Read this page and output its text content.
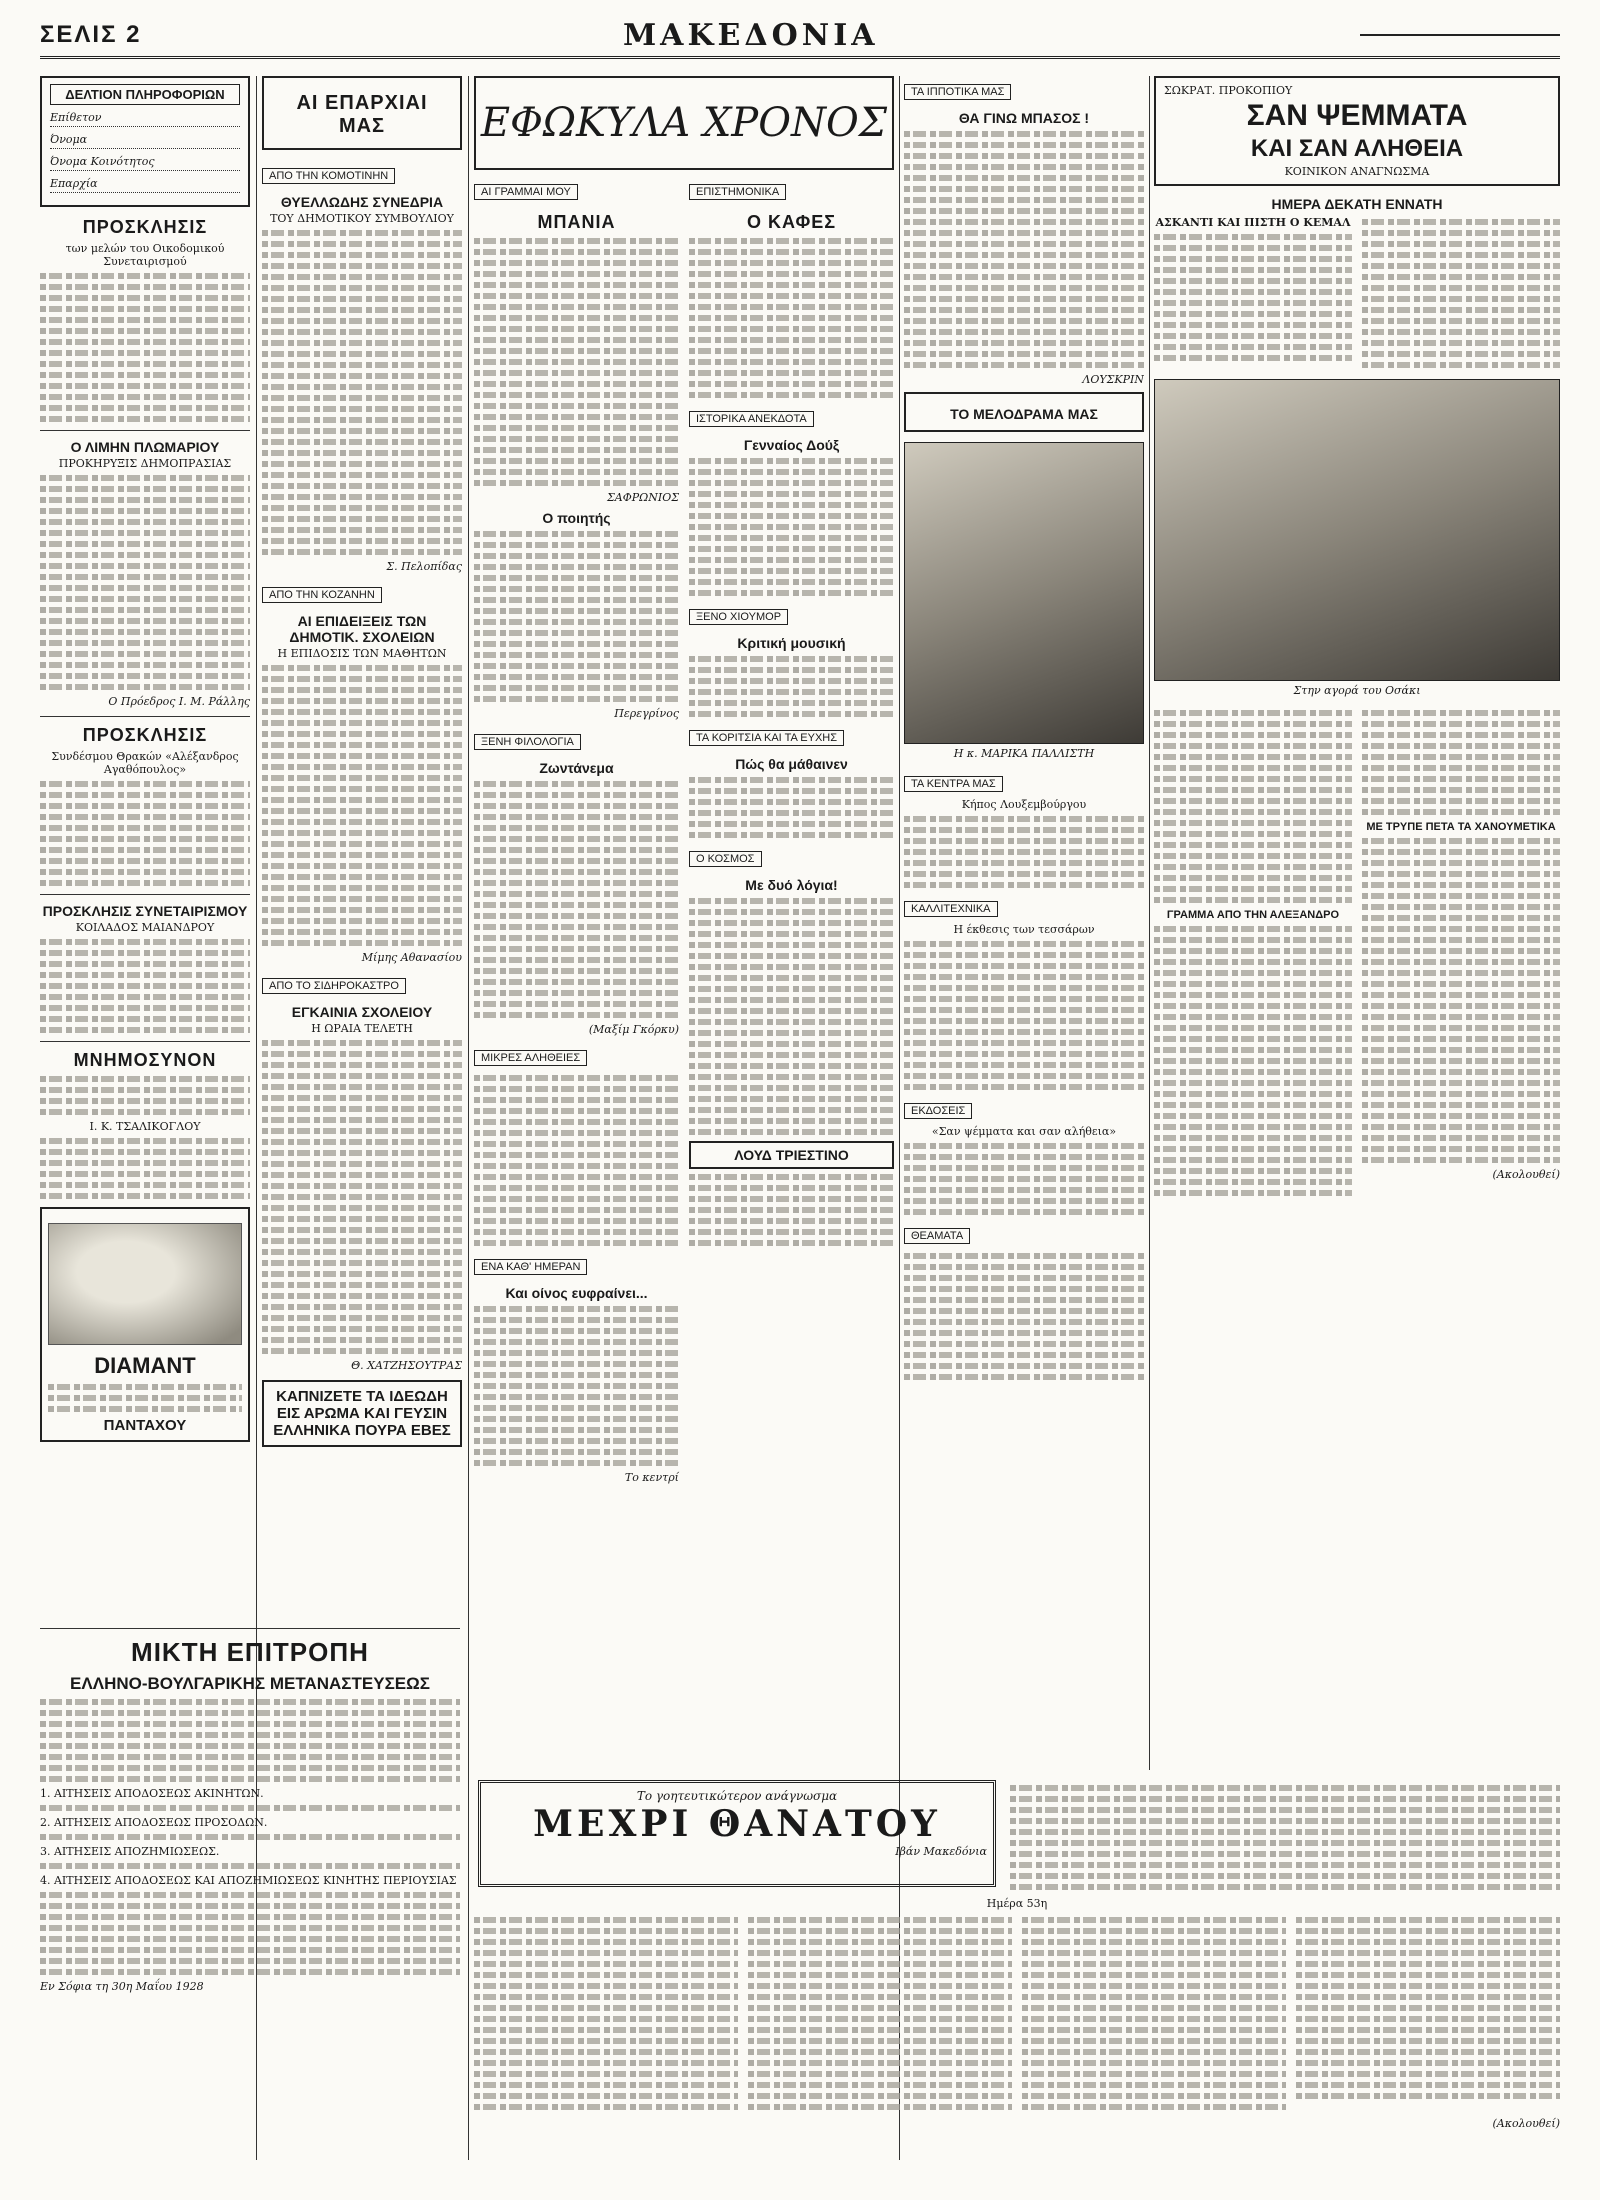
ΣΕΛΙΣ 2	ΜΑΚΕΔΟΝΙΑ
ΔΕΛΤΙΟΝ ΠΛΗΡΟΦΟΡΙΩΝ
Επίθετον
Όνομα
Όνομα Κοινότητος
Επαρχία
ΠΡΟΣΚΛΗΣΙΣ

των μελών του Οικοδομικού Συνεταιρισμού

Ο ΛΙΜΗΝ ΠΛΩΜΑΡΙΟΥ

ΠΡΟΚΗΡΥΞΙΣ ΔΗΜΟΠΡΑΣΙΑΣ

Ο Πρόεδρος Ι. Μ. Ράλλης

ΠΡΟΣΚΛΗΣΙΣ

Συνδέσμου Θρακών «Αλέξανδρος Αγαθόπουλος»

ΠΡΟΣΚΛΗΣΙΣ ΣΥΝΕΤΑΙΡΙΣΜΟΥ

ΚΟΙΛΑΔΟΣ ΜΑΙΑΝΔΡΟΥ

ΜΝΗΜΟΣΥΝΟΝ

Ι. Κ. ΤΣΑΛΙΚΟΓΛΟΥ

DIAMANT
ΠΑΝΤΑΧΟΥ
ΑΙ ΕΠΑΡΧΙΑΙ ΜΑΣ
ΑΠΟ ΤΗΝ ΚΟΜΟΤΙΝΗΝ
ΘΥΕΛΛΩΔΗΣ ΣΥΝΕΔΡΙΑ

ΤΟΥ ΔΗΜΟΤΙΚΟΥ ΣΥΜΒΟΥΛΙΟΥ

Σ. Πελοπίδας

ΑΠΟ ΤΗΝ ΚΟΖΑΝΗΝ
ΑΙ ΕΠΙΔΕΙΞΕΙΣ ΤΩΝ ΔΗΜΟΤΙΚ. ΣΧΟΛΕΙΩΝ

Η ΕΠΙΔΟΣΙΣ ΤΩΝ ΜΑΘΗΤΩΝ

Μίμης Αθανασίου

ΑΠΟ ΤΟ ΣΙΔΗΡΟΚΑΣΤΡΟ
ΕΓΚΑΙΝΙΑ ΣΧΟΛΕΙΟΥ

Η ΩΡΑΙΑ ΤΕΛΕΤΗ

Θ. ΧΑΤΖΗΣΟΥΤΡΑΣ

ΚΑΠΝΙΖΕΤΕ ΤΑ ΙΔΕΩΔΗ
ΕΙΣ ΑΡΩΜΑ ΚΑΙ ΓΕΥΣΙΝ
ΕΛΛΗΝΙΚΑ ΠΟΥΡΑ ΕΒΕΣ
ΕΦΩΚΥΛΑ ΧΡΟΝΟΣ
ΑΙ ΓΡΑΜΜΑΙ ΜΟΥ
ΜΠΑΝΙΑ

ΣΑΦΡΩΝΙΟΣ

Ο ποιητής

Περεγρίνος

ΞΕΝΗ ΦΙΛΟΛΟΓΙΑ
Ζωντάνεμα

(Μαξίμ Γκόρκυ)

ΜΙΚΡΕΣ ΑΛΗΘΕΙΕΣ
ΕΝΑ ΚΑΘ' ΗΜΕΡΑΝ
Και οίνος ευφραίνει...

Το κεντρί

ΕΠΙΣΤΗΜΟΝΙΚΑ
Ο ΚΑΦΕΣ
ΙΣΤΟΡΙΚΑ ΑΝΕΚΔΟΤΑ
Γενναίος Δούξ
ΞΕΝΟ ΧΙΟΥΜΟΡ
Κριτική μουσική
ΤΑ ΚΟΡΙΤΣΙΑ ΚΑΙ ΤΑ ΕΥΧΗΣ
Πώς θα μάθαινεν
Ο ΚΟΣΜΟΣ
Με δυό λόγια!
ΛΟΥΔ ΤΡΙΕΣΤΙΝΟ
ΤΑ ΙΠΠΟΤΙΚΑ ΜΑΣ
ΘΑ ΓΙΝΩ ΜΠΑΣΟΣ !

ΛΟΥΣΚΡΙΝ

ΤΟ ΜΕΛΟΔΡΑΜΑ ΜΑΣ

Η κ. ΜΑΡΙΚΑ ΠΑΛΛΙΣΤΗ

ΤΑ ΚΕΝΤΡΑ ΜΑΣ

Κήπος Λουξεμβούργου

ΚΑΛΛΙΤΕΧΝΙΚΑ

Η έκθεσις των τεσσάρων

ΕΚΔΟΣΕΙΣ

«Σαν ψέμματα και σαν αλήθεια»

ΘΕΑΜΑΤΑ
ΣΩΚΡΑΤ. ΠΡΟΚΟΠΙΟΥ
ΣΑΝ ΨΕΜΜΑΤΑ
ΚΑΙ ΣΑΝ ΑΛΗΘΕΙΑ
ΚΟΙΝΙΚΟΝ ΑΝΑΓΝΩΣΜΑ
ΗΜΕΡΑ ΔΕΚΑΤΗ ΕΝΝΑΤΗ

ΑΣΚΑΝΤΙ ΚΑΙ ΠΙΣΤΗ Ο ΚΕΜΑΛ

Στην αγορά του Οσάκι

ΓΡΑΜΜΑ ΑΠΟ ΤΗΝ ΑΛΕΞΑΝΔΡΟ
ΜΕ ΤΡΥΠΕ ΠΕΤΑ ΤΑ ΧΑΝΟΥΜΕΤΙΚΑ

(Ακολουθεί)

ΜΙΚΤΗ ΕΠΙΤΡΟΠΗ
ΕΛΛΗΝΟ-ΒΟΥΛΓΑΡΙΚΗΣ ΜΕΤΑΝΑΣΤΕΥΣΕΩΣ

1. ΑΙΤΗΣΕΙΣ ΑΠΟΔΟΣΕΩΣ ΑΚΙΝΗΤΩΝ.

2. ΑΙΤΗΣΕΙΣ ΑΠΟΔΟΣΕΩΣ ΠΡΟΣΟΔΩΝ.

3. ΑΙΤΗΣΕΙΣ ΑΠΟΖΗΜΙΩΣΕΩΣ.

4. ΑΙΤΗΣΕΙΣ ΑΠΟΔΟΣΕΩΣ ΚΑΙ ΑΠΟΖΗΜΙΩΣΕΩΣ ΚΙΝΗΤΗΣ ΠΕΡΙΟΥΣΙΑΣ

Εν Σόφια τη 30η Μαΐου 1928

Το γοητευτικώτερον ανάγνωσμα
ΜΕΧΡΙ ΘΑΝΑΤΟΥ
Ιβάν Μακεδόνια

Ημέρα 53η

(Ακολουθεί)
